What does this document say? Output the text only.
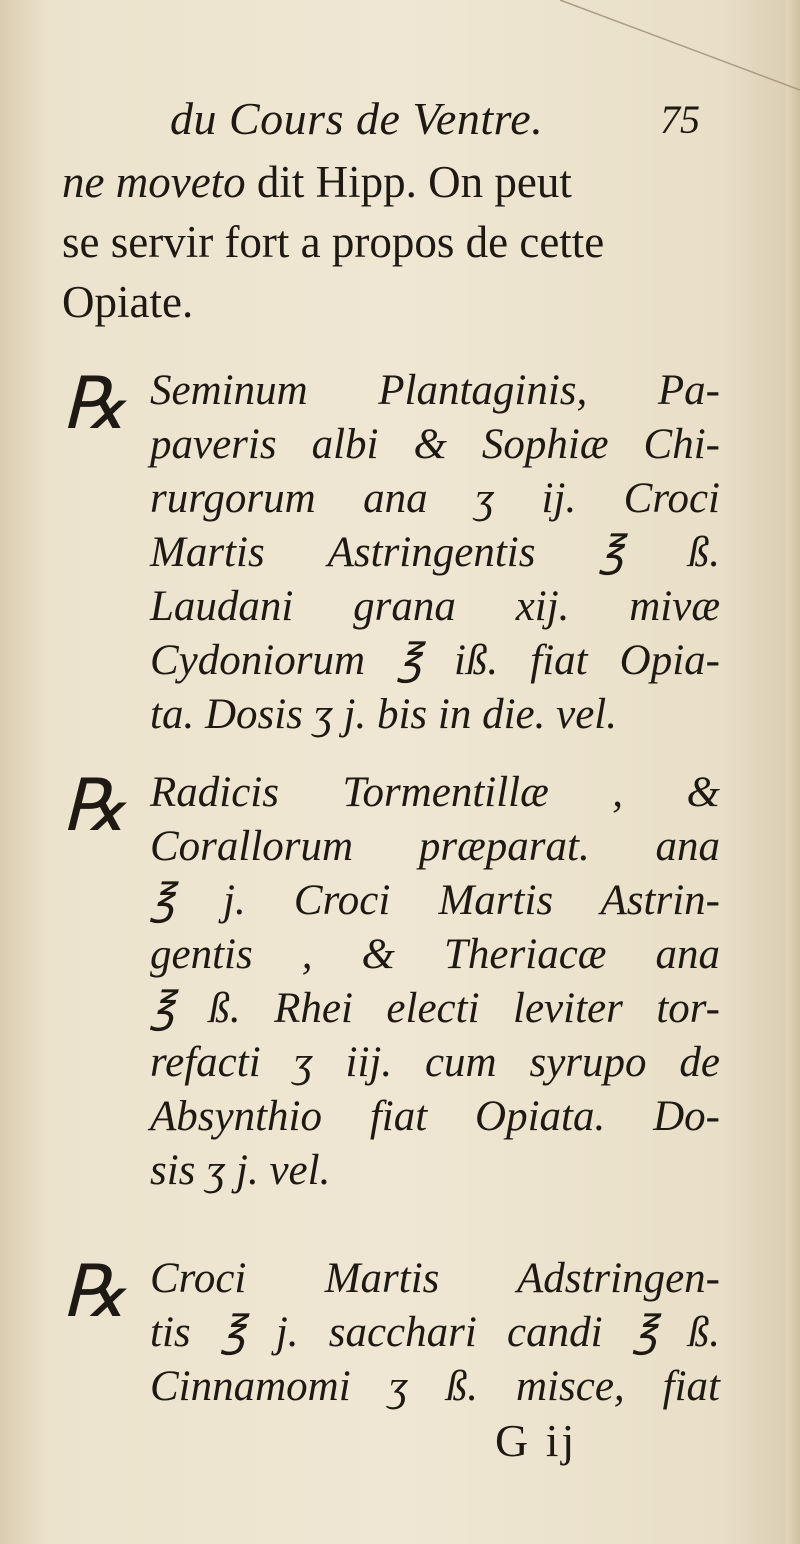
du Cours de Ventre.	75
ne moveto dit Hipp. On peut
se servir fort a propos de cette
Opiate.
℞ Seminum Plantaginis, Pa-
paveris albi & Sophiæ Chi-
rurgorum ana ʒ ij. Croci
Martis Astringentis ℥ ß.
Laudani grana xij. mivæ
Cydoniorum ℥ iß. fiat Opia-
ta. Dosis ʒ j. bis in die. vel.
℞ Radicis Tormentillæ , &
Corallorum præparat. ana
℥ j. Croci Martis Astrin-
gentis , & Theriacæ ana
℥ ß. Rhei electi leviter tor-
refacti ʒ iij. cum syrupo de
Absynthio fiat Opiata. Do-
sis ʒ j. vel.
℞ Croci Martis Adstringen-
tis ℥ j. sacchari candi ℥ ß.
Cinnamomi ʒ ß. misce, fiat
G ij
